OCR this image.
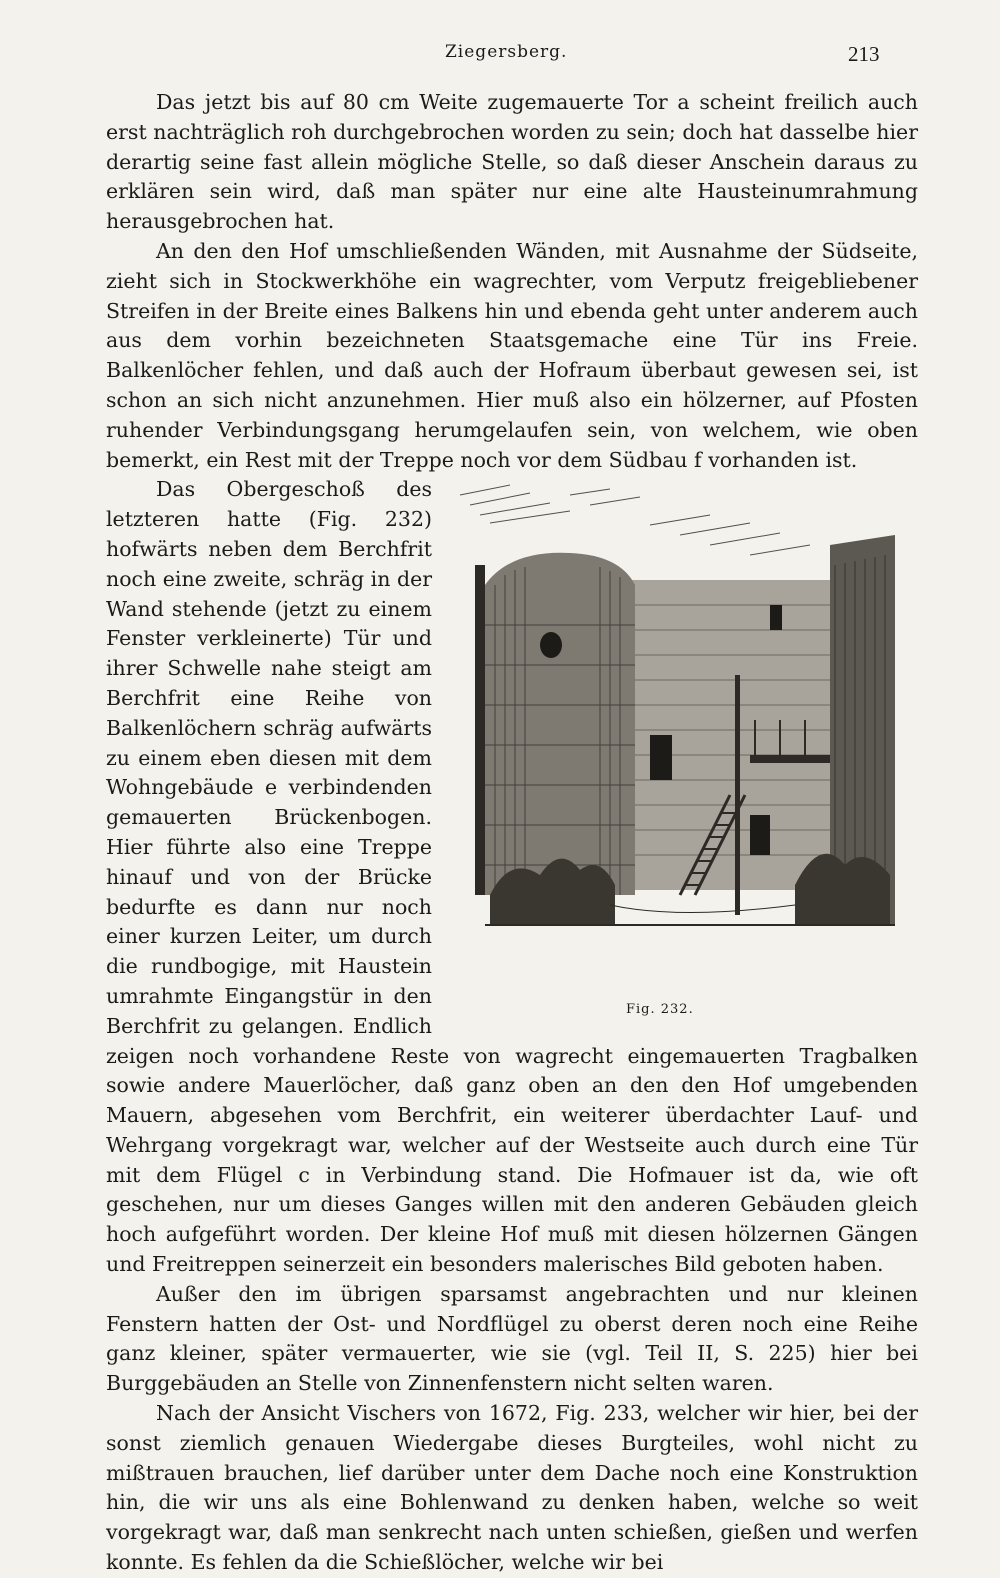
Ziegersberg.	213

Das jetzt bis auf 80 cm Weite zugemauerte Tor a scheint freilich auch erst nachträglich roh durchgebrochen worden zu sein; doch hat dasselbe hier derartig seine fast allein mögliche Stelle, so daß dieser Anschein daraus zu erklären sein wird, daß man später nur eine alte Hausteinumrahmung herausgebrochen hat.

An den den Hof umschließenden Wänden, mit Ausnahme der Südseite, zieht sich in Stockwerkhöhe ein wagrechter, vom Verputz freigebliebener Streifen in der Breite eines Balkens hin und ebenda geht unter anderem auch aus dem vorhin bezeichneten Staatsgemache eine Tür ins Freie. Balkenlöcher fehlen, und daß auch der Hofraum überbaut gewesen sei, ist schon an sich nicht anzunehmen. Hier muß also ein hölzerner, auf Pfosten ruhender Verbindungsgang herumgelaufen sein, von welchem, wie oben bemerkt, ein Rest mit der Treppe noch vor dem Südbau f vorhanden ist.

Fig. 232.

Das Obergeschoß des letzteren hatte (Fig. 232) hofwärts neben dem Berchfrit noch eine zweite, schräg in der Wand stehende (jetzt zu einem Fenster verkleinerte) Tür und ihrer Schwelle nahe steigt am Berchfrit eine Reihe von Balkenlöchern schräg aufwärts zu einem eben diesen mit dem Wohngebäude e verbindenden gemauerten Brückenbogen. Hier führte also eine Treppe hinauf und von der Brücke bedurfte es dann nur noch einer kurzen Leiter, um durch die rundbogige, mit Haustein umrahmte Eingangstür in den Berchfrit zu gelangen. Endlich zeigen noch vorhandene Reste von wagrecht eingemauerten Tragbalken sowie andere Mauerlöcher, daß ganz oben an den den Hof umgebenden Mauern, abgesehen vom Berchfrit, ein weiterer überdachter Lauf- und Wehrgang vorgekragt war, welcher auf der Westseite auch durch eine Tür mit dem Flügel c in Verbindung stand. Die Hofmauer ist da, wie oft geschehen, nur um dieses Ganges willen mit den anderen Gebäuden gleich hoch aufgeführt worden. Der kleine Hof muß mit diesen hölzernen Gängen und Freitreppen seinerzeit ein besonders malerisches Bild geboten haben.

Außer den im übrigen sparsamst angebrachten und nur kleinen Fenstern hatten der Ost- und Nordflügel zu oberst deren noch eine Reihe ganz kleiner, später vermauerter, wie sie (vgl. Teil II, S. 225) hier bei Burggebäuden an Stelle von Zinnenfenstern nicht selten waren.

Nach der Ansicht Vischers von 1672, Fig. 233, welcher wir hier, bei der sonst ziemlich genauen Wiedergabe dieses Burgteiles, wohl nicht zu mißtrauen brauchen, lief darüber unter dem Dache noch eine Konstruktion hin, die wir uns als eine Bohlenwand zu denken haben, welche so weit vorgekragt war, daß man senkrecht nach unten schießen, gießen und werfen konnte. Es fehlen da die Schießlöcher, welche wir bei
